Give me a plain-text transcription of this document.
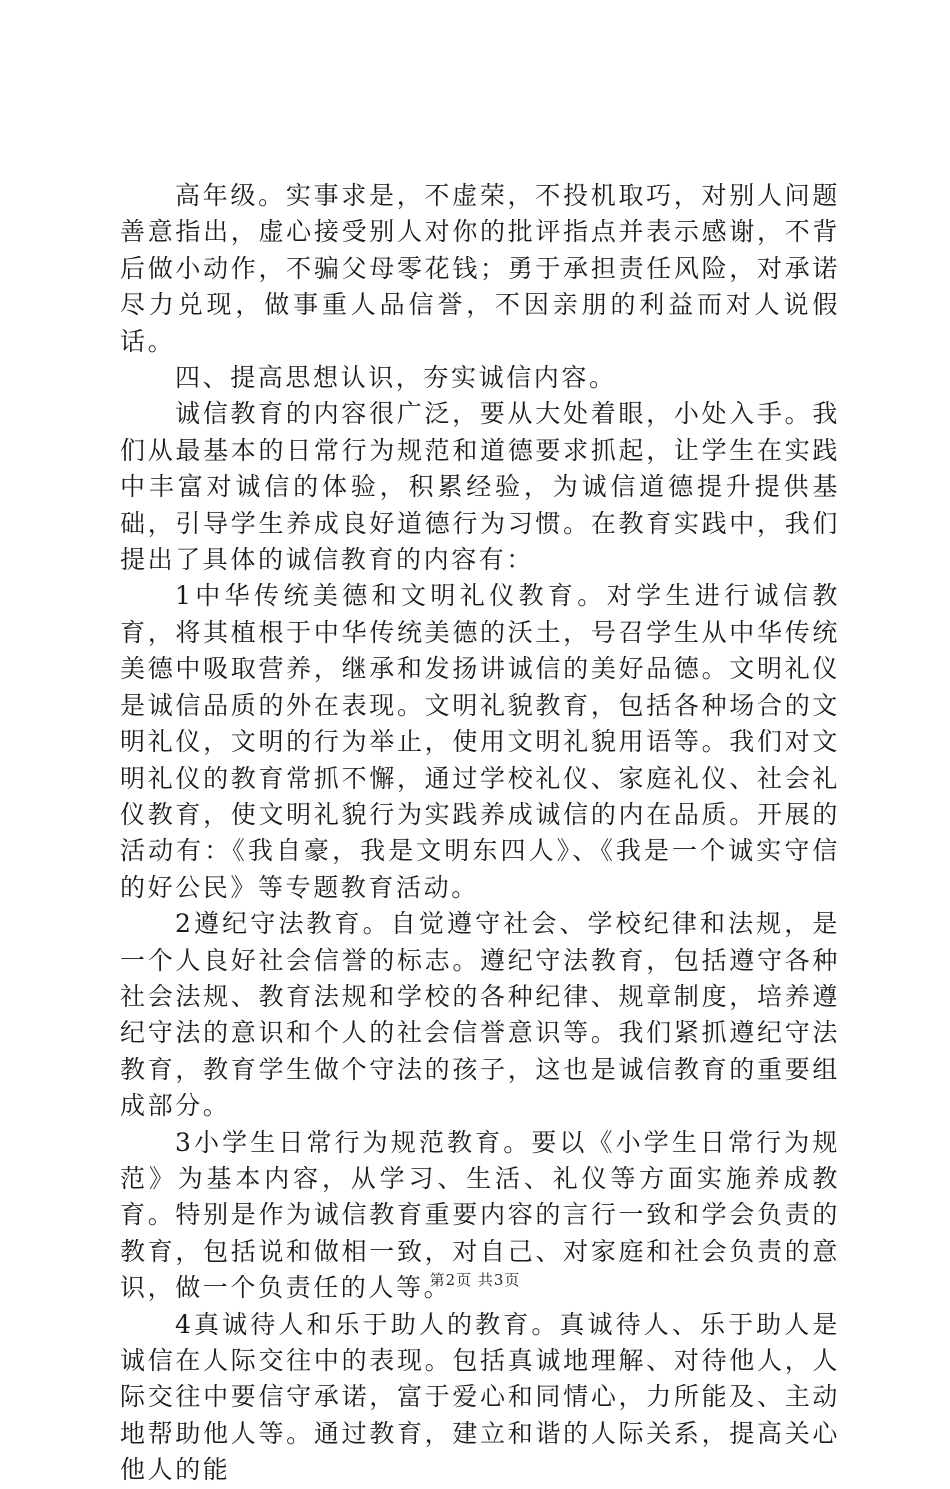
高年级。实事求是，不虚荣，不投机取巧，对别人问题善意指出，虚心接受别人对你的批评指点并表示感谢，不背后做小动作，不骗父母零花钱；勇于承担责任风险，对承诺尽力兑现，做事重人品信誉，不因亲朋的利益而对人说假话。

四、提高思想认识，夯实诚信内容。

诚信教育的内容很广泛，要从大处着眼，小处入手。我们从最基本的日常行为规范和道德要求抓起，让学生在实践中丰富对诚信的体验，积累经验，为诚信道德提升提供基础，引导学生养成良好道德行为习惯。在教育实践中，我们提出了具体的诚信教育的内容有：

1中华传统美德和文明礼仪教育。对学生进行诚信教育，将其植根于中华传统美德的沃土，号召学生从中华传统美德中吸取营养，继承和发扬讲诚信的美好品德。文明礼仪是诚信品质的外在表现。文明礼貌教育，包括各种场合的文明礼仪，文明的行为举止，使用文明礼貌用语等。我们对文明礼仪的教育常抓不懈，通过学校礼仪、家庭礼仪、社会礼仪教育，使文明礼貌行为实践养成诚信的内在品质。开展的活动有：《我自豪，我是文明东四人》、《我是一个诚实守信的好公民》等专题教育活动。

2遵纪守法教育。自觉遵守社会、学校纪律和法规，是一个人良好社会信誉的标志。遵纪守法教育，包括遵守各种社会法规、教育法规和学校的各种纪律、规章制度，培养遵纪守法的意识和个人的社会信誉意识等。我们紧抓遵纪守法教育，教育学生做个守法的孩子，这也是诚信教育的重要组成部分。

3小学生日常行为规范教育。要以《小学生日常行为规范》为基本内容，从学习、生活、礼仪等方面实施养成教育。特别是作为诚信教育重要内容的言行一致和学会负责的教育，包括说和做相一致，对自己、对家庭和社会负责的意识，做一个负责任的人等。

4真诚待人和乐于助人的教育。真诚待人、乐于助人是诚信在人际交往中的表现。包括真诚地理解、对待他人，人际交往中要信守承诺，富于爱心和同情心，力所能及、主动地帮助他人等。通过教育，建立和谐的人际关系，提高关心他人的能

第2页 共3页
